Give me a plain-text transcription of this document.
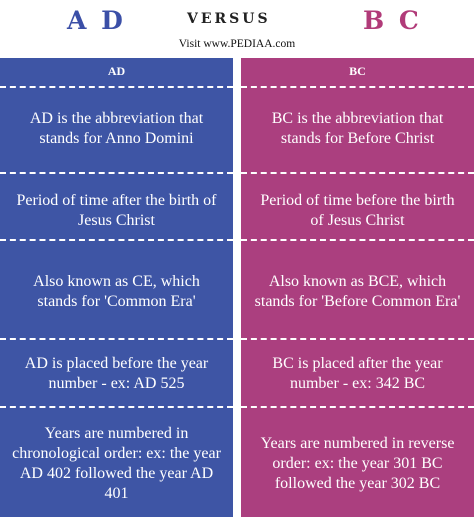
A D	VERSUS	B C
Visit www.PEDIAA.com
AD
AD is the abbreviation that stands for Anno Domini
Period of time after the birth of Jesus Christ
Also known as CE, which stands for 'Common Era'
AD is placed before the year number - ex: AD 525
Years are numbered in chronological order: ex: the year AD 402 followed the year AD 401
BC
BC is the abbreviation that stands for Before Christ
Period of time before the birth of Jesus Christ
Also known as BCE, which stands for 'Before Common Era'
BC is placed after the year number - ex: 342 BC
Years are numbered in reverse order: ex: the year 301 BC followed the year 302 BC
